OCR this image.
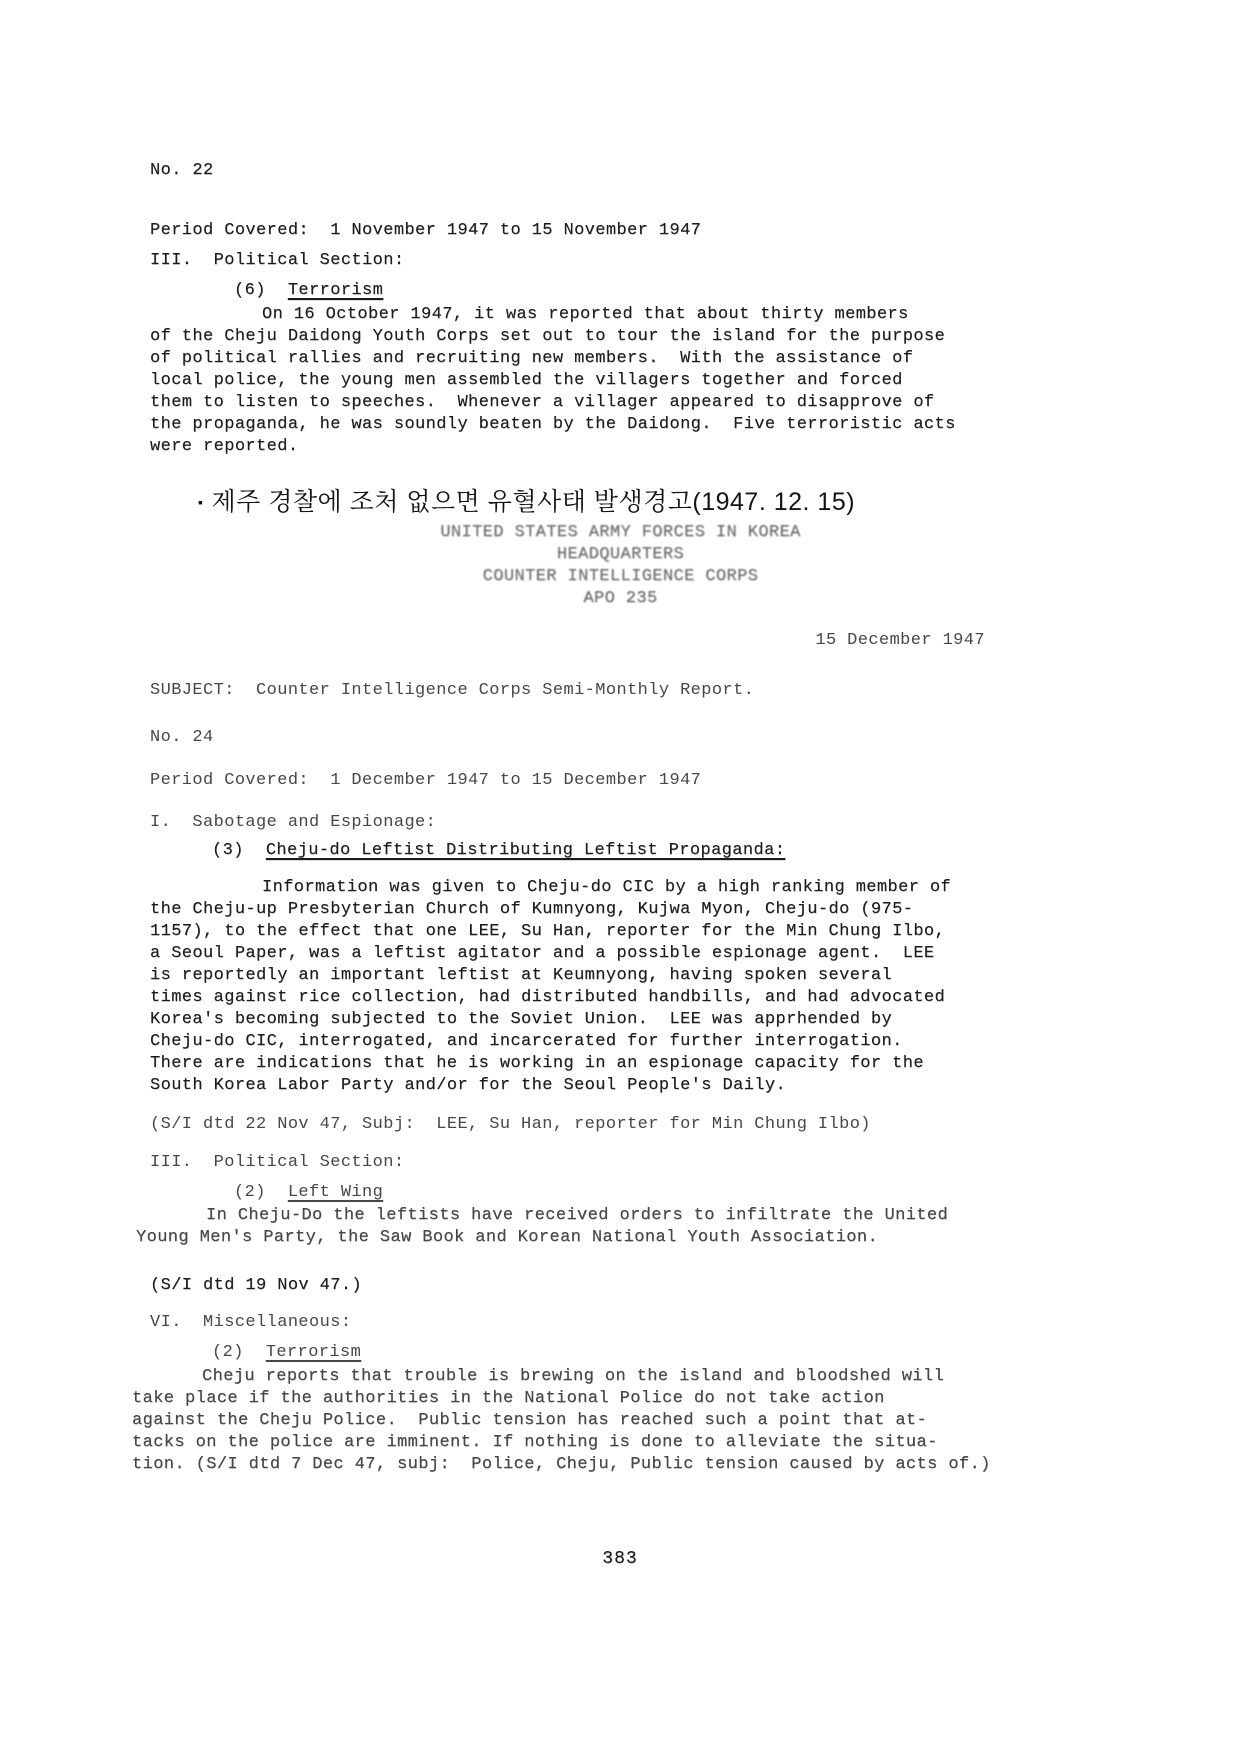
No. 22
Period Covered:  1 November 1947 to 15 November 1947
III.  Political Section:
(6) Terrorism
On 16 October 1947, it was reported that about thirty members
of the Cheju Daidong Youth Corps set out to tour the island for the purpose
of political rallies and recruiting new members.  With the assistance of
local police, the young men assembled the villagers together and forced
them to listen to speeches.  Whenever a villager appeared to disapprove of
the propaganda, he was soundly beaten by the Daidong.  Five terroristic acts
were reported.
▪ 제주 경찰에 조처 없으면 유혈사태 발생경고(1947. 12. 15)
UNITED STATES ARMY FORCES IN KOREA
HEADQUARTERS
COUNTER INTELLIGENCE CORPS
APO 235
15 December 1947
SUBJECT:  Counter Intelligence Corps Semi-Monthly Report.
No. 24
Period Covered:  1 December 1947 to 15 December 1947
I.  Sabotage and Espionage:
(3) Cheju-do Leftist Distributing Leftist Propaganda:
Information was given to Cheju-do CIC by a high ranking member of
the Cheju-up Presbyterian Church of Kumnyong, Kujwa Myon, Cheju-do (975-
1157), to the effect that one LEE, Su Han, reporter for the Min Chung Ilbo,
a Seoul Paper, was a leftist agitator and a possible espionage agent.  LEE
is reportedly an important leftist at Keumnyong, having spoken several
times against rice collection, had distributed handbills, and had advocated
Korea's becoming subjected to the Soviet Union.  LEE was apprhended by
Cheju-do CIC, interrogated, and incarcerated for further interrogation.
There are indications that he is working in an espionage capacity for the
South Korea Labor Party and/or for the Seoul People's Daily.
(S/I dtd 22 Nov 47, Subj:  LEE, Su Han, reporter for Min Chung Ilbo)
III.  Political Section:
(2) Left Wing
In Cheju-Do the leftists have received orders to infiltrate the United
Young Men's Party, the Saw Book and Korean National Youth Association.
(S/I dtd 19 Nov 47.)
VI.  Miscellaneous:
(2) Terrorism
Cheju reports that trouble is brewing on the island and bloodshed will
take place if the authorities in the National Police do not take action
against the Cheju Police.  Public tension has reached such a point that at-
tacks on the police are imminent. If nothing is done to alleviate the situa-
tion. (S/I dtd 7 Dec 47, subj:  Police, Cheju, Public tension caused by acts of.)
383
